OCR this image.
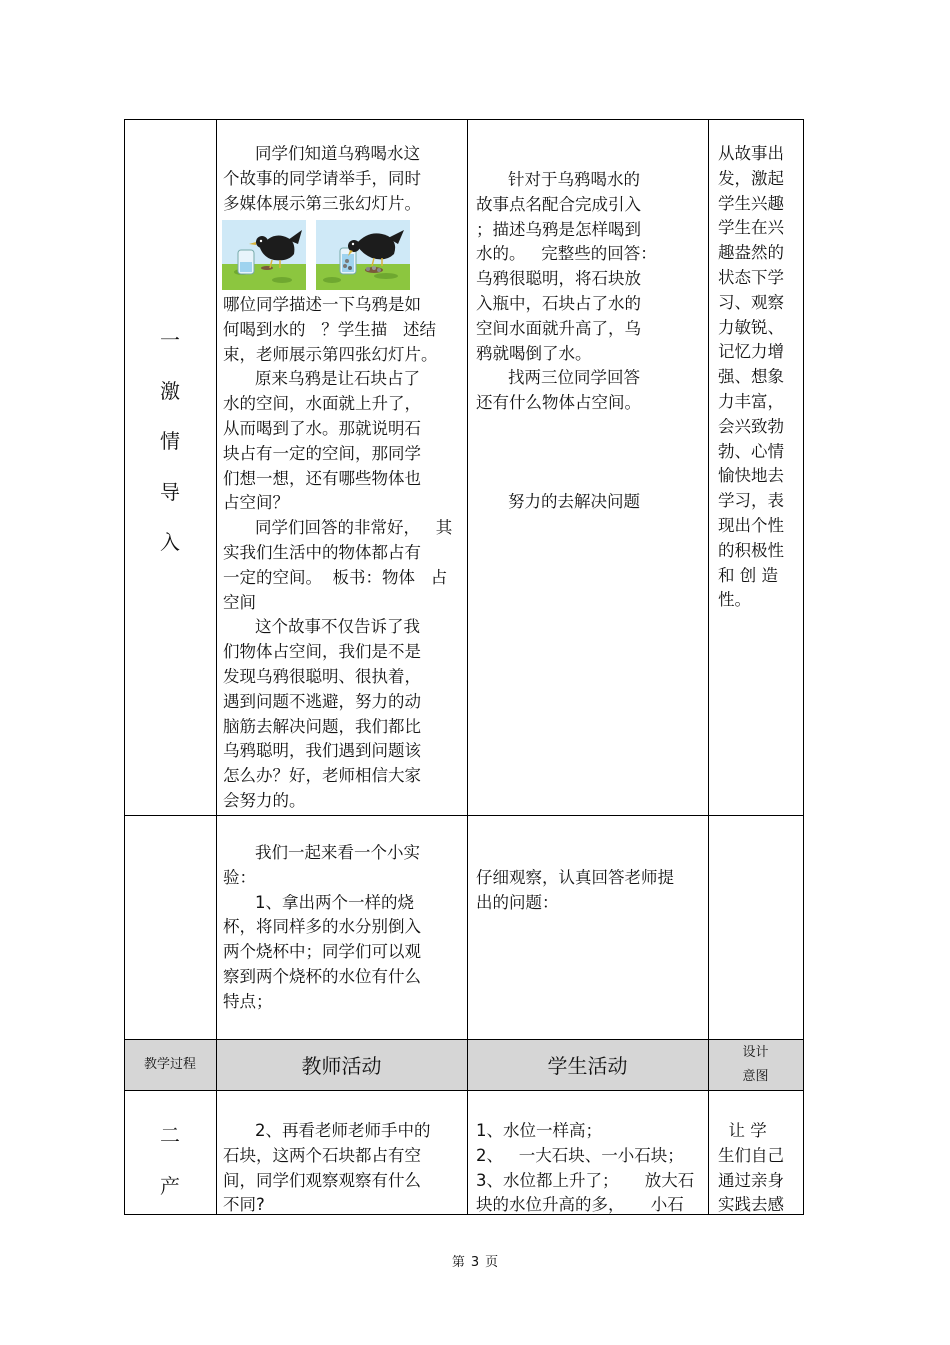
一
激
情
导
入
同学们知道乌鸦喝水这
个故事的同学请举手，同时
多媒体展示第三张幻灯片。
哪位同学描述一下乌鸦是如
何喝到水的   ？学生描   述结
束，老师展示第四张幻灯片。
原来乌鸦是让石块占了
水的空间，水面就上升了，
从而喝到了水。那就说明石
块占有一定的空间，那同学
们想一想，还有哪些物体也
占空间？
同学们回答的非常好，   其
实我们生活中的物体都占有
一定的空间。  板书：物体   占
空间
这个故事不仅告诉了我
们物体占空间，我们是不是
发现乌鸦很聪明、很执着，
遇到问题不逃避，努力的动
脑筋去解决问题，我们都比
乌鸦聪明，我们遇到问题该
怎么办？好，老师相信大家
会努力的。
针对于乌鸦喝水的
故事点名配合完成引入
；描述乌鸦是怎样喝到
水的。   完整些的回答：
乌鸦很聪明，将石块放
入瓶中，石块占了水的
空间水面就升高了，乌
鸦就喝倒了水。
找两三位同学回答
还有什么物体占空间。
努力的去解决问题
从故事出
发，激起
学生兴趣
学生在兴
趣盎然的
状态下学
习、观察
力敏锐、
记忆力增
强、想象
力丰富，
会兴致勃
勃、心情
愉快地去
学习，表
现出个性
的积极性
和 创 造
性。
我们一起来看一个小实
验：
1、拿出两个一样的烧
杯，将同样多的水分别倒入
两个烧杯中；同学们可以观
察到两个烧杯的水位有什么
特点；
仔细观察，认真回答老师提
出的问题：
教学过程	教师活动	学生活动
设计
意图
二
产
2、再看老师老师手中的
石块，这两个石块都占有空
间，同学们观察观察有什么
不同?
1、水位一样高；
2、   一大石块、一小石块；
3、水位都上升了；     放大石
块的水位升高的多，     小石
让 学
生们自己
通过亲身
实践去感
第 3 页
